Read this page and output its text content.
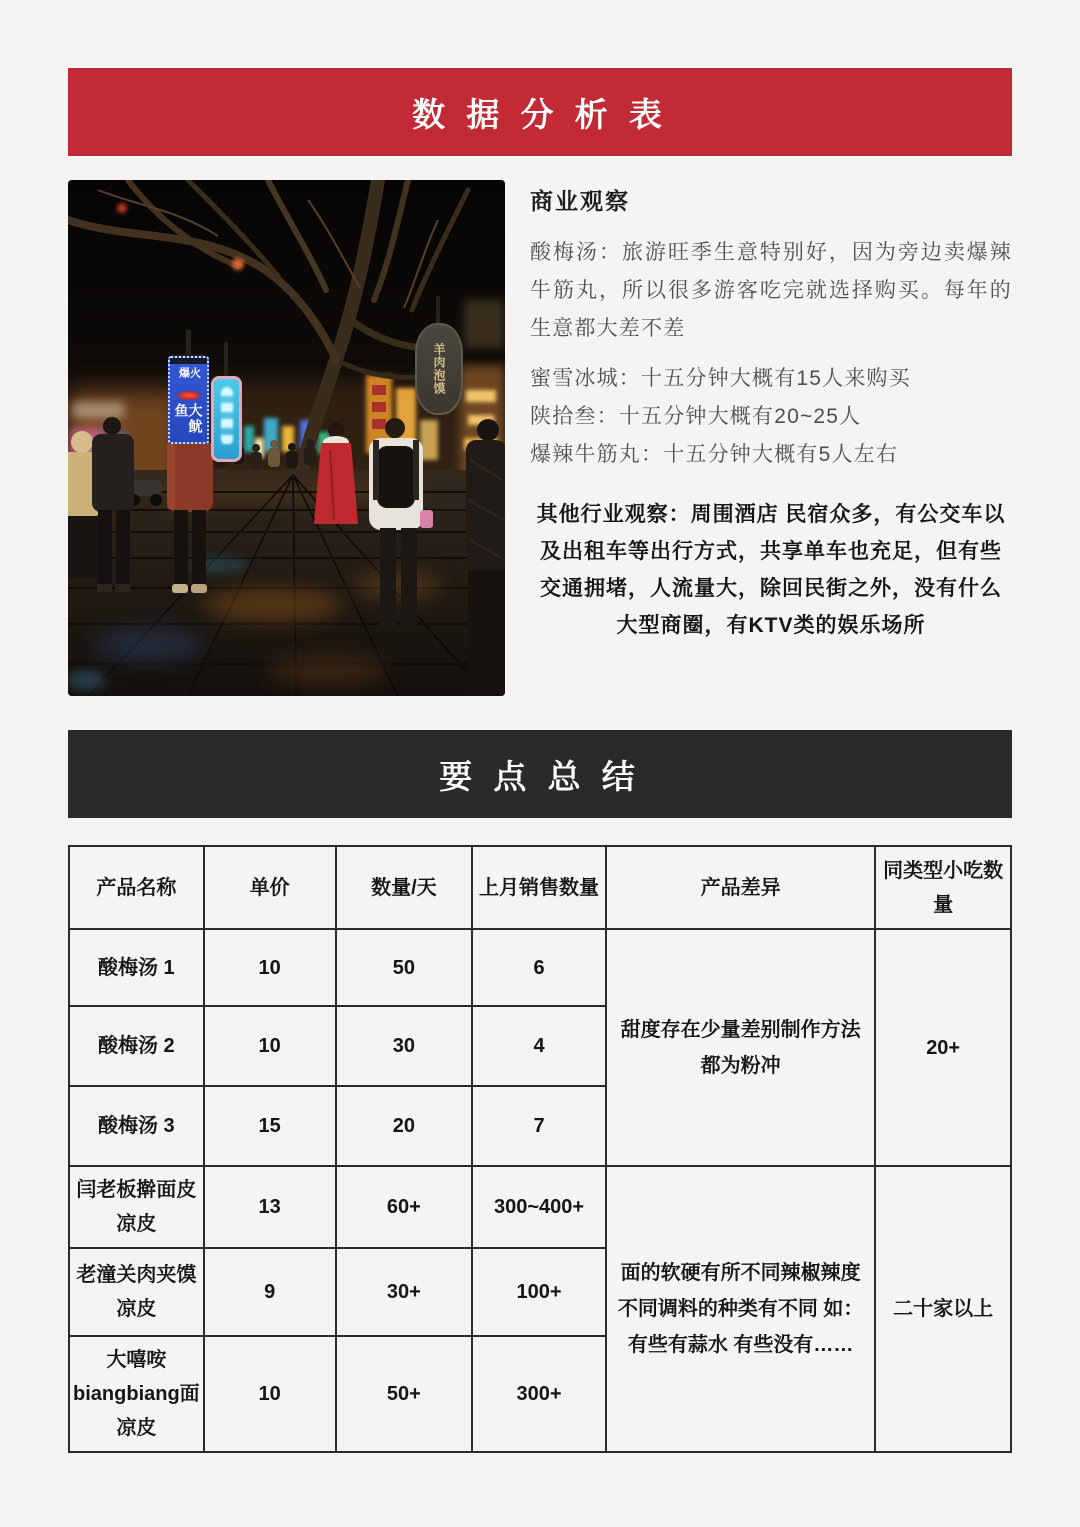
数 据 分 析 表
火爆
大鱿鱼
羊肉泡馍
商业观察

酸梅汤：旅游旺季生意特别好，因为旁边卖爆辣牛筋丸，所以很多游客吃完就选择购买。每年的生意都大差不差

蜜雪冰城：十五分钟大概有15人来购买
陕拾叁：十五分钟大概有20~25人
爆辣牛筋丸：十五分钟大概有5人左右

其他行业观察：周围酒店 民宿众多，有公交车以及出租车等出行方式，共享单车也充足，但有些交通拥堵，人流量大，除回民街之外，没有什么大型商圈，有KTV类的娱乐场所

要 点 总 结
产品名称	单价	数量/天	上月销售数量	产品差异	同类型小吃数量
酸梅汤 1	10	50	6	甜度存在少量差别制作方法都为粉冲	20+
酸梅汤 2	10	30	4		
酸梅汤 3	15	20	7		
闫老板擀面皮凉皮	13	60+	300~400+	面的软硬有所不同辣椒辣度不同调料的种类有不同 如：有些有蒜水 有些没有……	二十家以上
老潼关肉夹馍凉皮	9	30+	100+		
大嘻咹 biangbiang面 凉皮	10	50+	300+		
